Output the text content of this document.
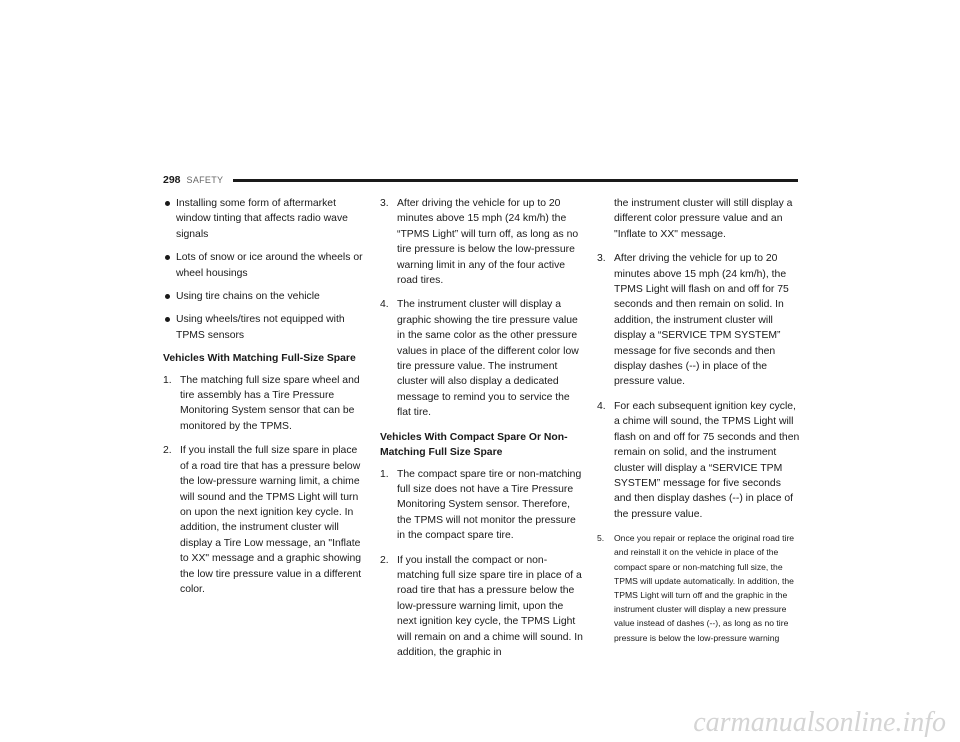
298 SAFETY
Installing some form of aftermarket window tinting that affects radio wave signals
Lots of snow or ice around the wheels or wheel housings
Using tire chains on the vehicle
Using wheels/tires not equipped with TPMS sensors
Vehicles With Matching Full-Size Spare
1. The matching full size spare wheel and tire assembly has a Tire Pressure Monitoring System sensor that can be monitored by the TPMS.
2. If you install the full size spare in place of a road tire that has a pressure below the low-pressure warning limit, a chime will sound and the TPMS Light will turn on upon the next ignition key cycle. In addition, the instrument cluster will display a Tire Low message, an "Inflate to XX" message and a graphic showing the low tire pressure value in a different color.
3. After driving the vehicle for up to 20 minutes above 15 mph (24 km/h) the “TPMS Light” will turn off, as long as no tire pressure is below the low-pressure warning limit in any of the four active road tires.
4. The instrument cluster will display a graphic showing the tire pressure value in the same color as the other pressure values in place of the different color low tire pressure value. The instrument cluster will also display a dedicated message to remind you to service the flat tire.
Vehicles With Compact Spare Or Non-Matching Full Size Spare
1. The compact spare tire or non-matching full size does not have a Tire Pressure Monitoring System sensor. Therefore, the TPMS will not monitor the pressure in the compact spare tire.
2. If you install the compact or non-matching full size spare tire in place of a road tire that has a pressure below the low-pressure warning limit, upon the next ignition key cycle, the TPMS Light will remain on and a chime will sound. In addition, the graphic in
the instrument cluster will still display a different color pressure value and an "Inflate to XX" message.
3. After driving the vehicle for up to 20 minutes above 15 mph (24 km/h), the TPMS Light will flash on and off for 75 seconds and then remain on solid. In addition, the instrument cluster will display a “SERVICE TPM SYSTEM” message for five seconds and then display dashes (--) in place of the pressure value.
4. For each subsequent ignition key cycle, a chime will sound, the TPMS Light will flash on and off for 75 seconds and then remain on solid, and the instrument cluster will display a “SERVICE TPM SYSTEM” message for five seconds and then display dashes (--) in place of the pressure value.
5. Once you repair or replace the original road tire and reinstall it on the vehicle in place of the compact spare or non-matching full size, the TPMS will update automatically. In addition, the TPMS Light will turn off and the graphic in the instrument cluster will display a new pressure value instead of dashes (--), as long as no tire pressure is below the low-pressure warning
carmanualsonline.info
